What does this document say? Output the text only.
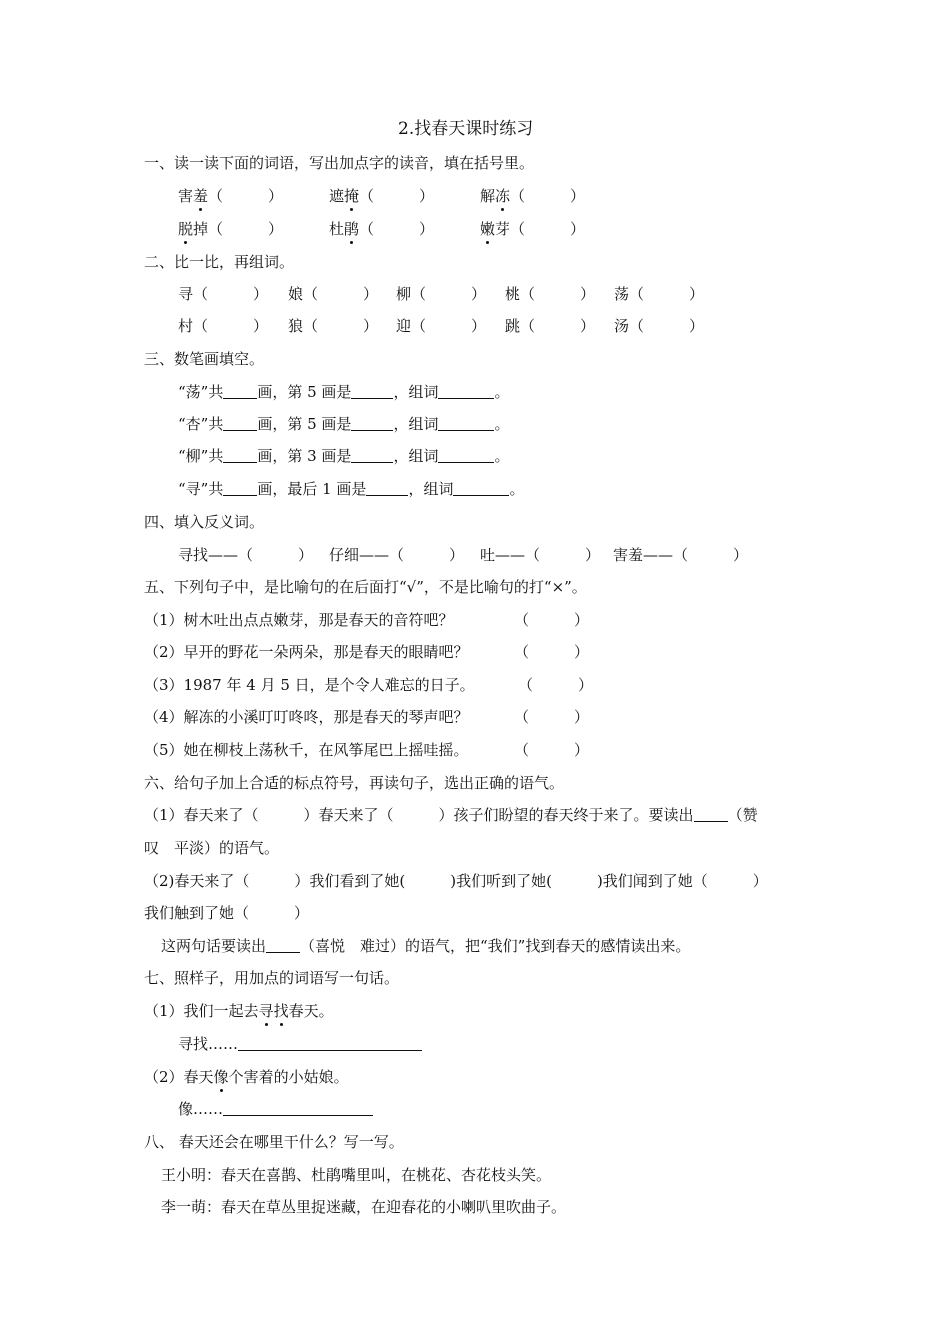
2.找春天课时练习
一、读一读下面的词语，写出加点字的读音，填在括号里。
害羞（　　　）	遮掩（　　　）	解冻（　　　）
脱掉（　　　）	杜鹃（　　　）	嫩芽（　　　）
二、比一比，再组词。
寻（　　　） 娘（　　　） 柳（　　　） 桃（　　　） 荡（　　　）
村（　　　） 狼（　　　） 迎（　　　） 跳（　　　） 汤（　　　）
三、数笔画填空。
“荡”共 画，第 5 画是	，组词	。
“杏”共 画，第 5 画是	，组词	。
“柳”共 画，第 3 画是	，组词	。
“寻”共 画，最后 1 画是	，组词	。
四、填入反义词。
寻找——（　　　） 仔细——（　　　） 吐——（　　　） 害羞——（　　　）
五、下列句子中，是比喻句的在后面打“√”，不是比喻句的打“×”。
（1）树木吐出点点嫩芽，那是春天的音符吧？	（　　　）
（2）早开的野花一朵两朵，那是春天的眼睛吧？	（　　　）
（3）1987 年 4 月 5 日，是个令人难忘的日子。	（　　　）
（4）解冻的小溪叮叮咚咚，那是春天的琴声吧？	（　　　）
（5）她在柳枝上荡秋千，在风筝尾巴上摇哇摇。	（　　　）
六、给句子加上合适的标点符号，再读句子，选出正确的语气。
（1）春天来了（　　　）春天来了（　　　）孩子们盼望的春天终于来了。要读出 （赞
叹　平淡）的语气。
（2)春天来了（　　　）我们看到了她(　　　)我们听到了她(　　　)我们闻到了她（　　　）
我们触到了她（　　　）
这两句话要读出 （喜悦　难过）的语气，把“我们”找到春天的感情读出来。
七、照样子，用加点的词语写一句话。
（1）我们一起去寻找春天。
寻找……
（2）春天像个害着的小姑娘。
像……
八、 春天还会在哪里干什么？写一写。
王小明：春天在喜鹊、杜鹃嘴里叫，在桃花、杏花枝头笑。
李一萌：春天在草丛里捉迷藏，在迎春花的小喇叭里吹曲子。
